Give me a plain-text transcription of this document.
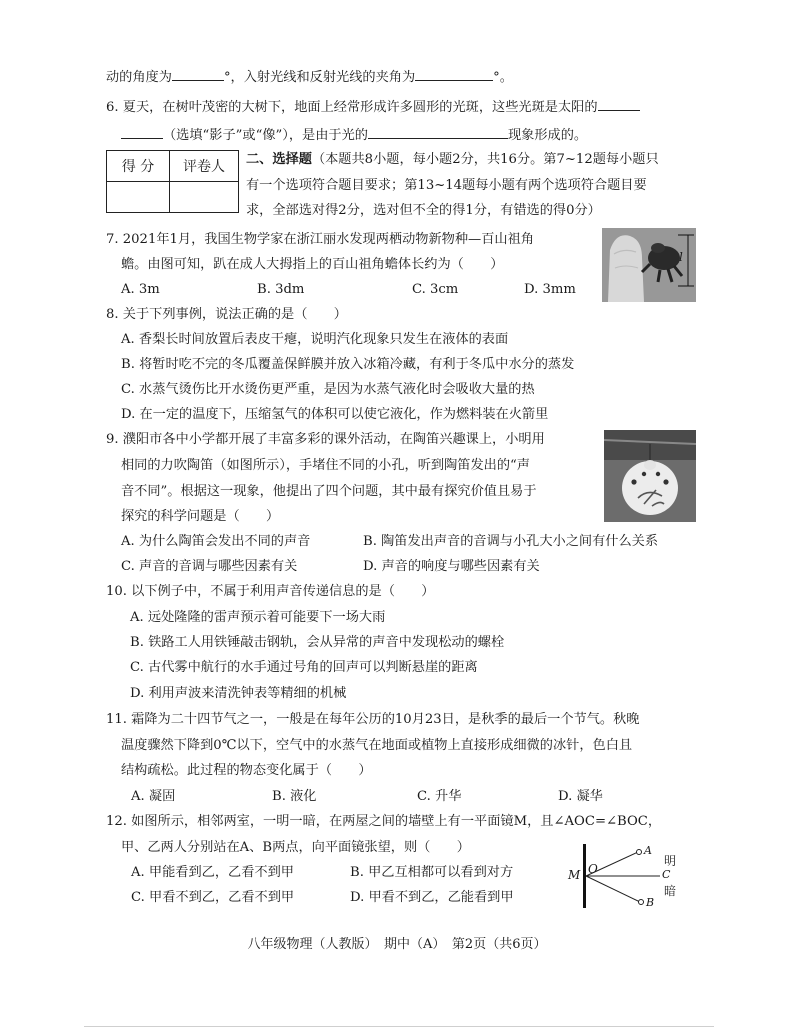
动的角度为	°，入射光线和反射光线的夹角为	°。
6. 夏天，在树叶茂密的大树下，地面上经常形成许多圆形的光斑，这些光斑是太阳的
（选填“影子”或“像”），是由于光的	现象形成的。
得 分	评卷人
	二、选择题（本题共8小题，每小题2分，共16分。第7~12题每小题只
有一个选项符合题目要求；第13~14题每小题有两个选项符合题目要
求，全部选对得2分，选对但不全的得1分，有错选的得0分）
7. 2021年1月，我国生物学家在浙江丽水发现两栖动物新物种—百山祖角
蟾。由图可知，趴在成人大拇指上的百山祖角蟾体长约为（　　）
A. 3m	B. 3dm	C. 3cm	D. 3mm
l
8. 关于下列事例，说法正确的是（　　）
A. 香梨长时间放置后表皮干瘪，说明汽化现象只发生在液体的表面
B. 将暂时吃不完的冬瓜覆盖保鲜膜并放入冰箱冷藏，有利于冬瓜中水分的蒸发
C. 水蒸气烫伤比开水烫伤更严重，是因为水蒸气液化时会吸收大量的热
D. 在一定的温度下，压缩氢气的体积可以使它液化，作为燃料装在火箭里
9. 濮阳市各中小学都开展了丰富多彩的课外活动，在陶笛兴趣课上，小明用
相同的力吹陶笛（如图所示），手堵住不同的小孔，听到陶笛发出的“声
音不同”。根据这一现象，他提出了四个问题，其中最有探究价值且易于
探究的科学问题是（　　）
A. 为什么陶笛会发出不同的声音	B. 陶笛发出声音的音调与小孔大小之间有什么关系
C. 声音的音调与哪些因素有关	D. 声音的响度与哪些因素有关
10. 以下例子中，不属于利用声音传递信息的是（　　）
A. 远处隆隆的雷声预示着可能要下一场大雨
B. 铁路工人用铁锤敲击钢轨，会从异常的声音中发现松动的螺栓
C. 古代雾中航行的水手通过号角的回声可以判断悬崖的距离
D. 利用声波来清洗钟表等精细的机械
11. 霜降为二十四节气之一，一般是在每年公历的10月23日，是秋季的最后一个节气。秋晚
温度骤然下降到0℃以下，空气中的水蒸气在地面或植物上直接形成细微的冰针，色白且
结构疏松。此过程的物态变化属于（　　）
A. 凝固	B. 液化	C. 升华	D. 凝华
12. 如图所示，相邻两室，一明一暗，在两屋之间的墙壁上有一平面镜M，且∠AOC=∠BOC，
甲、乙两人分别站在A、B两点，向平面镜张望，则（　　）
A. 甲能看到乙，乙看不到甲	B. 甲乙互相都可以看到对方
C. 甲看不到乙，乙看不到甲	D. 甲看不到乙，乙能看到甲
M O
A
C
B
明
暗
八年级物理（人教版）　期中（A）　第2页（共6页）
